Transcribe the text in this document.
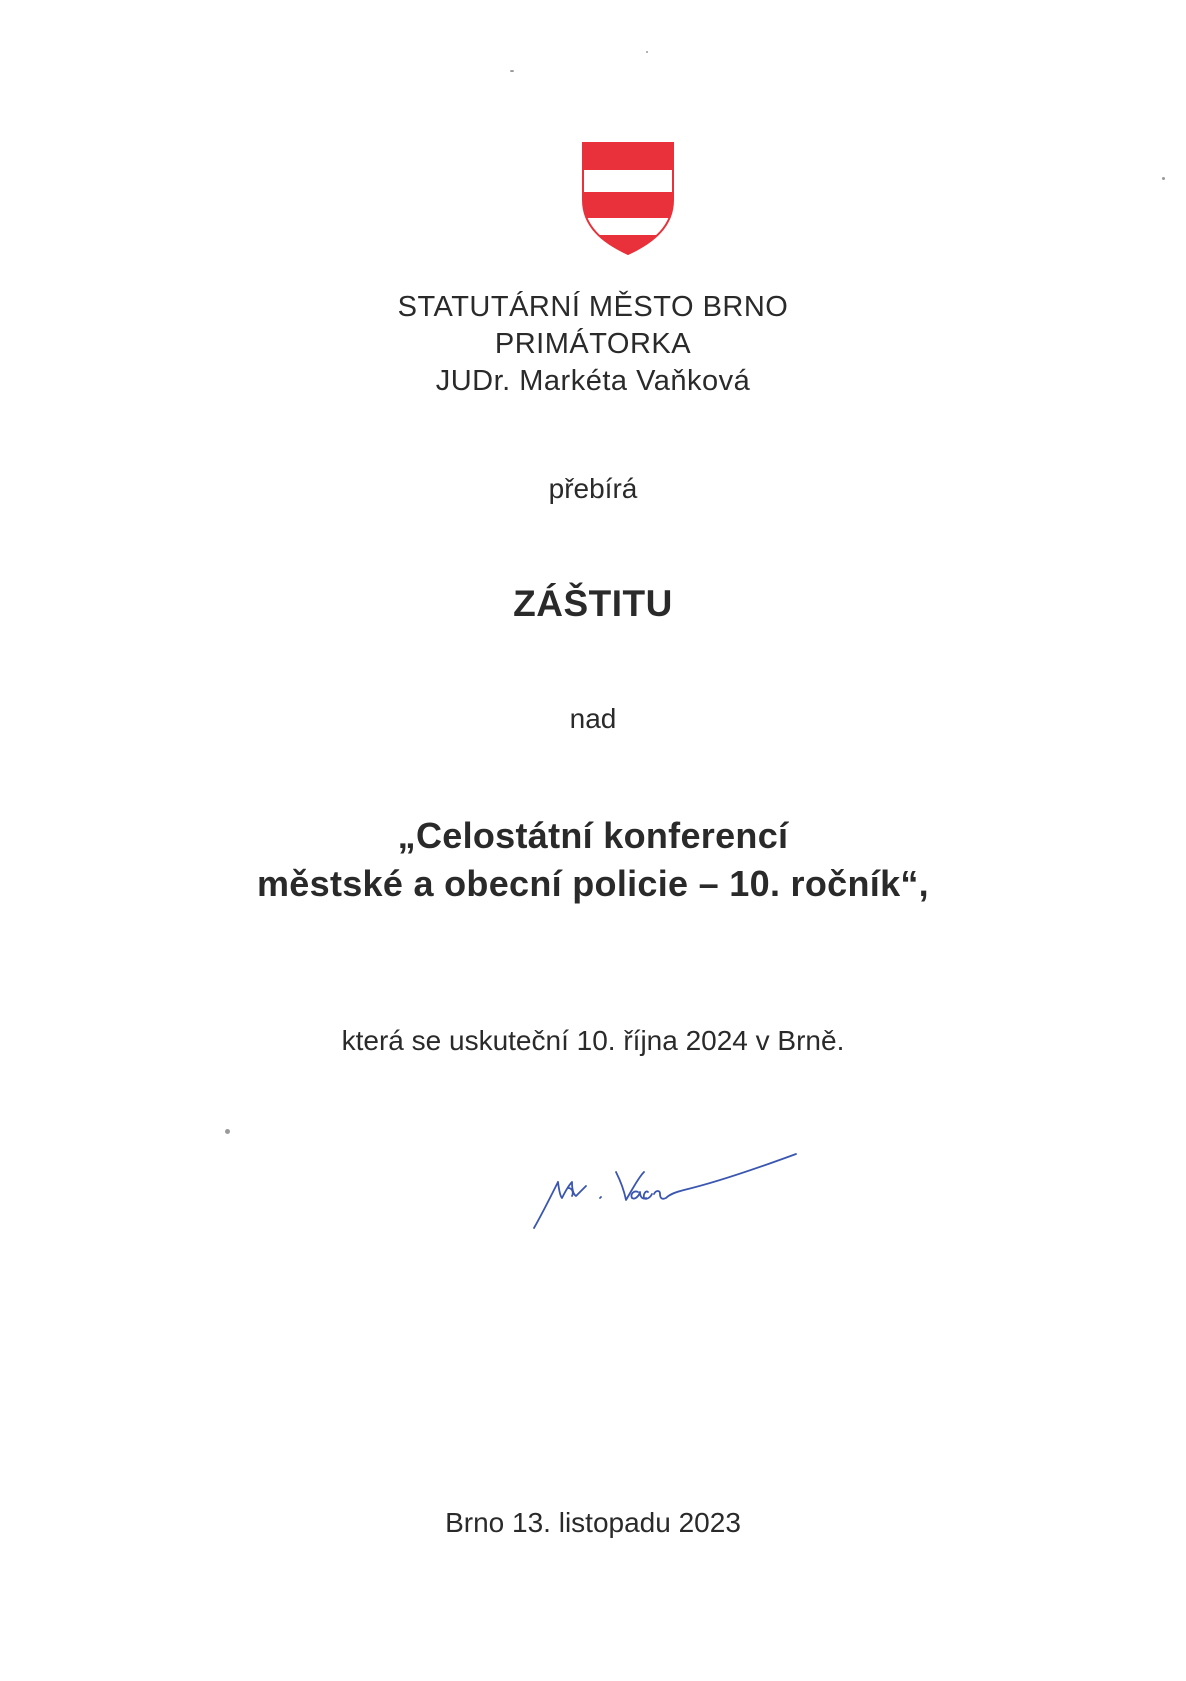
STATUTÁRNÍ MĚSTO BRNO
PRIMÁTORKA
JUDr. Markéta Vaňková
přebírá
ZÁŠTITU
nad
„Celostátní konferencí
městské a obecní policie – 10. ročník“,
která se uskuteční 10. října 2024 v Brně.
Brno 13. listopadu 2023
